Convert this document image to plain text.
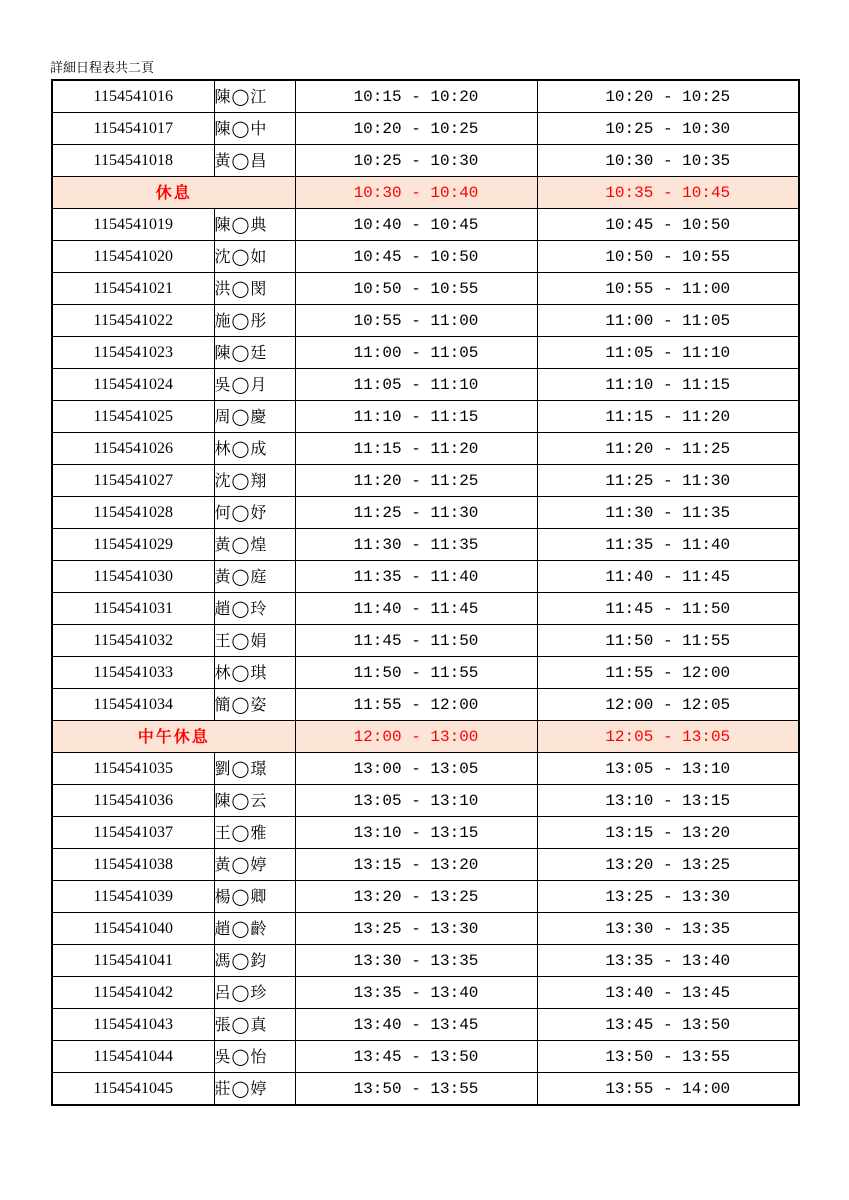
詳細日程表共二頁
1154541016	陳◯江	10:15 - 10:20	10:20 - 10:25
1154541017	陳◯中	10:20 - 10:25	10:25 - 10:30
1154541018	黃◯昌	10:25 - 10:30	10:30 - 10:35
休息		10:30 - 10:40	10:35 - 10:45
1154541019	陳◯典	10:40 - 10:45	10:45 - 10:50
1154541020	沈◯如	10:45 - 10:50	10:50 - 10:55
1154541021	洪◯閔	10:50 - 10:55	10:55 - 11:00
1154541022	施◯彤	10:55 - 11:00	11:00 - 11:05
1154541023	陳◯廷	11:00 - 11:05	11:05 - 11:10
1154541024	吳◯月	11:05 - 11:10	11:10 - 11:15
1154541025	周◯慶	11:10 - 11:15	11:15 - 11:20
1154541026	林◯成	11:15 - 11:20	11:20 - 11:25
1154541027	沈◯翔	11:20 - 11:25	11:25 - 11:30
1154541028	何◯妤	11:25 - 11:30	11:30 - 11:35
1154541029	黃◯煌	11:30 - 11:35	11:35 - 11:40
1154541030	黃◯庭	11:35 - 11:40	11:40 - 11:45
1154541031	趙◯玲	11:40 - 11:45	11:45 - 11:50
1154541032	王◯娟	11:45 - 11:50	11:50 - 11:55
1154541033	林◯琪	11:50 - 11:55	11:55 - 12:00
1154541034	簡◯姿	11:55 - 12:00	12:00 - 12:05
中午休息		12:00 - 13:00	12:05 - 13:05
1154541035	劉◯璟	13:00 - 13:05	13:05 - 13:10
1154541036	陳◯云	13:05 - 13:10	13:10 - 13:15
1154541037	王◯雅	13:10 - 13:15	13:15 - 13:20
1154541038	黃◯婷	13:15 - 13:20	13:20 - 13:25
1154541039	楊◯卿	13:20 - 13:25	13:25 - 13:30
1154541040	趙◯齡	13:25 - 13:30	13:30 - 13:35
1154541041	馮◯鈞	13:30 - 13:35	13:35 - 13:40
1154541042	呂◯珍	13:35 - 13:40	13:40 - 13:45
1154541043	張◯真	13:40 - 13:45	13:45 - 13:50
1154541044	吳◯怡	13:45 - 13:50	13:50 - 13:55
1154541045	莊◯婷	13:50 - 13:55	13:55 - 14:00
